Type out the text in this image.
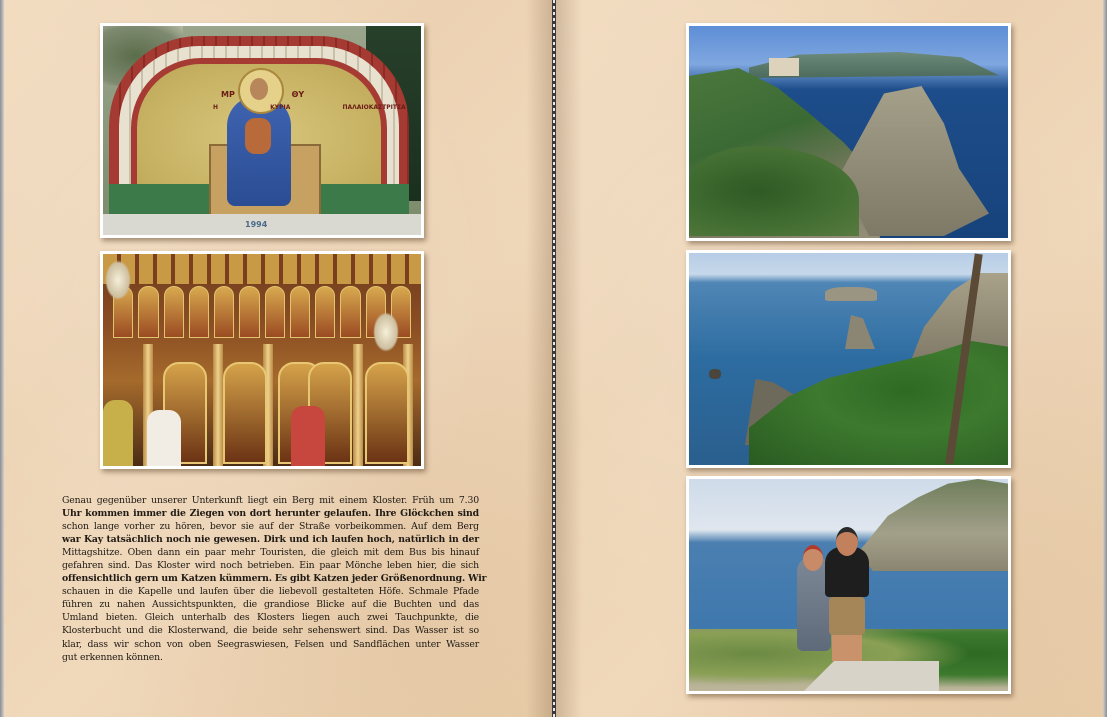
ΜΡ ΘΥ
Η ΚΥΡΙΑ ΠΑΛΑΙΟΚΑΣΤΡΙΤΣΑ
1994
Genau gegenüber unserer Unterkunft liegt ein Berg mit einem Kloster. Früh um 7.30
Uhr kommen immer die Ziegen von dort herunter gelaufen. Ihre Glöckchen sind
schon lange vorher zu hören, bevor sie auf der Straße vorbeikommen. Auf dem Berg
war Kay tatsächlich noch nie gewesen. Dirk und ich laufen hoch, natürlich in der
Mittagshitze. Oben dann ein paar mehr Touristen, die gleich mit dem Bus bis hinauf
gefahren sind. Das Kloster wird noch betrieben. Ein paar Mönche leben hier, die sich
offensichtlich gern um Katzen kümmern. Es gibt Katzen jeder Größenordnung. Wir
schauen in die Kapelle und laufen über die liebevoll gestalteten Höfe. Schmale Pfade
führen zu nahen Aussichtspunkten, die grandiose Blicke auf die Buchten und das
Umland bieten. Gleich unterhalb des Klosters liegen auch zwei Tauchpunkte, die
Klosterbucht und die Klosterwand, die beide sehr sehenswert sind. Das Wasser ist so
klar, dass wir schon von oben Seegraswiesen, Felsen und Sandflächen unter Wasser
gut erkennen können.
